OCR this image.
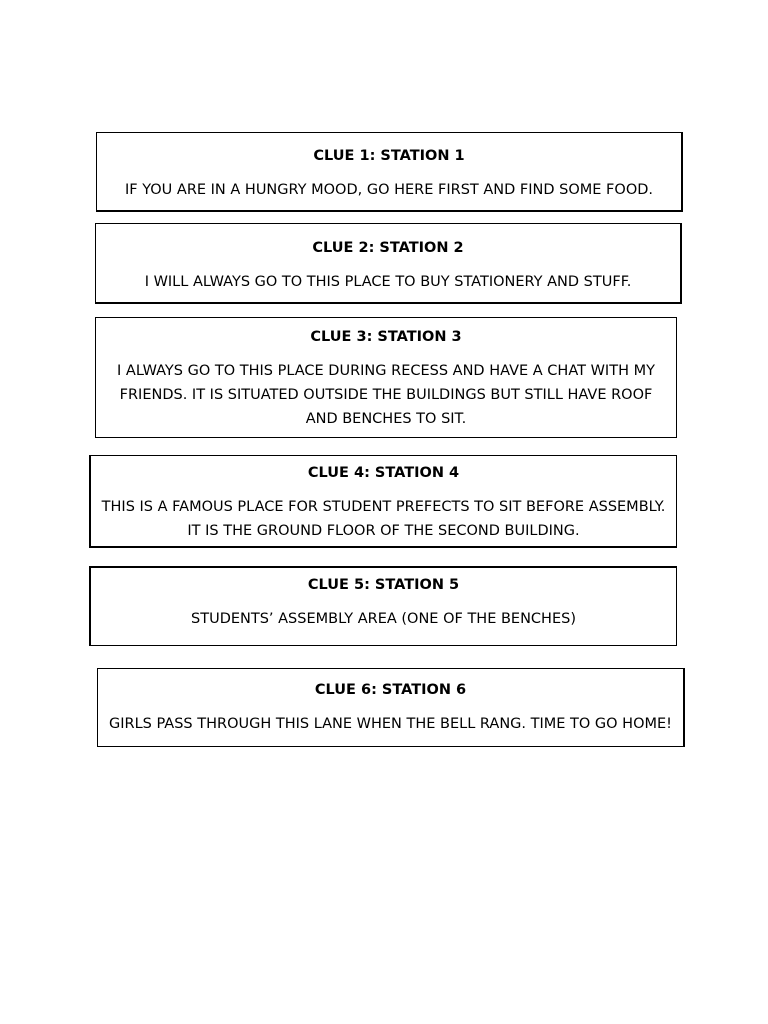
CLUE 1: STATION 1
IF YOU ARE IN A HUNGRY MOOD, GO HERE FIRST AND FIND SOME FOOD.
CLUE 2: STATION 2
I WILL ALWAYS GO TO THIS PLACE TO BUY STATIONERY AND STUFF.
CLUE 3: STATION 3
I ALWAYS GO TO THIS PLACE DURING RECESS AND HAVE A CHAT WITH MY FRIENDS. IT IS SITUATED OUTSIDE THE BUILDINGS BUT STILL HAVE ROOF AND BENCHES TO SIT.
CLUE 4: STATION 4
THIS IS A FAMOUS PLACE FOR STUDENT PREFECTS TO SIT BEFORE ASSEMBLY. IT IS THE GROUND FLOOR OF THE SECOND BUILDING.
CLUE 5: STATION 5
STUDENTS’ ASSEMBLY AREA (ONE OF THE BENCHES)
CLUE 6: STATION 6
GIRLS PASS THROUGH THIS LANE WHEN THE BELL RANG. TIME TO GO HOME!
